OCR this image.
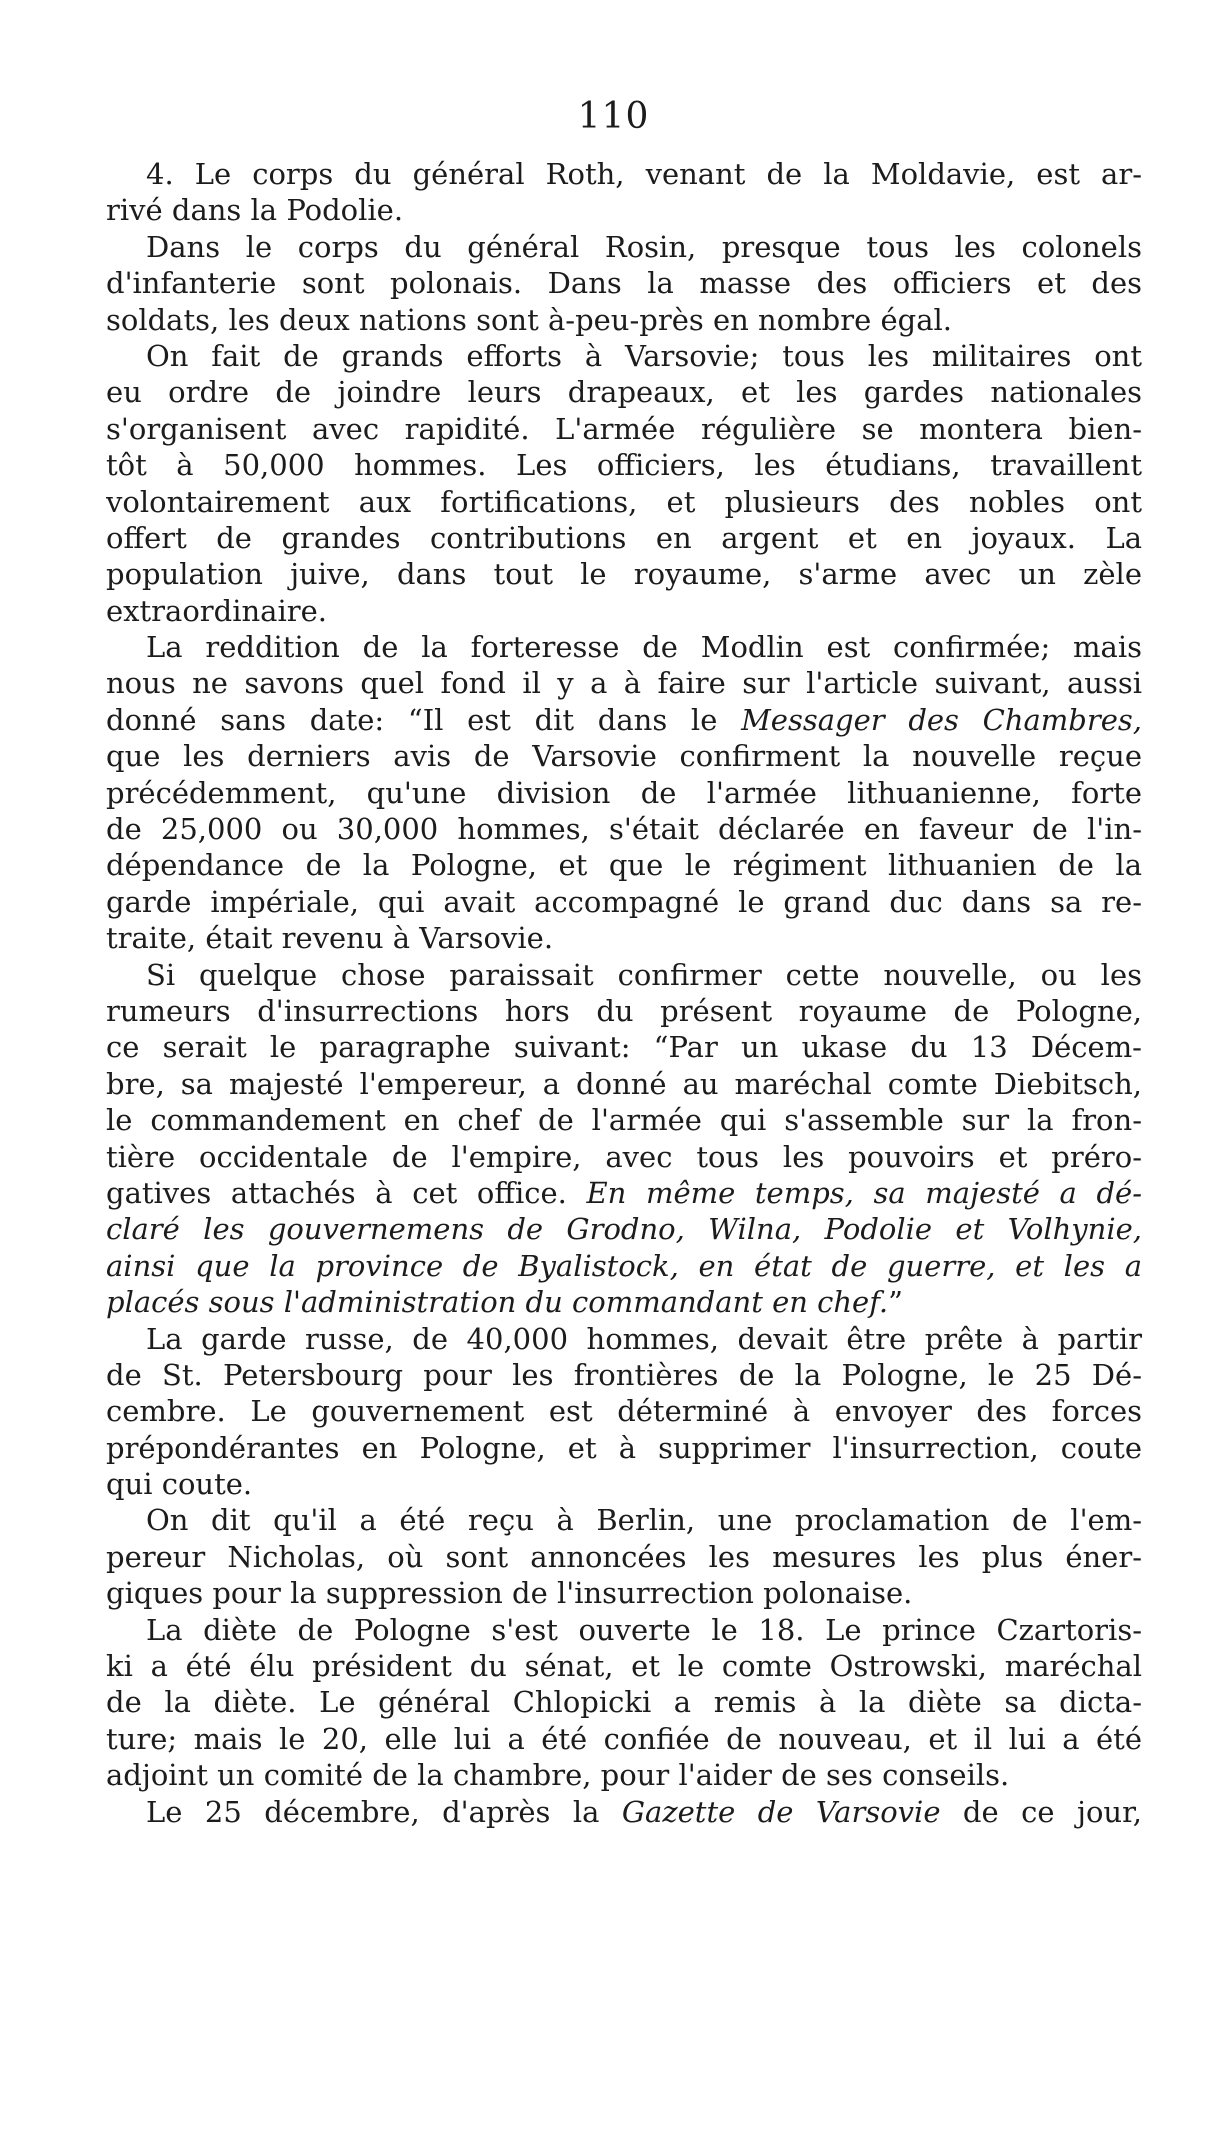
110
4. Le corps du général Roth, venant de la Moldavie, est ar-
rivé dans la Podolie.
Dans le corps du général Rosin, presque tous les colonels
d'infanterie sont polonais. Dans la masse des officiers et des
soldats, les deux nations sont à-peu-près en nombre égal.
On fait de grands efforts à Varsovie; tous les militaires ont
eu ordre de joindre leurs drapeaux, et les gardes nationales
s'organisent avec rapidité. L'armée régulière se montera bien-
tôt à 50,000 hommes. Les officiers, les étudians, travaillent
volontairement aux fortifications, et plusieurs des nobles ont
offert de grandes contributions en argent et en joyaux. La
population juive, dans tout le royaume, s'arme avec un zèle
extraordinaire.
La reddition de la forteresse de Modlin est confirmée; mais
nous ne savons quel fond il y a à faire sur l'article suivant, aussi
donné sans date: “Il est dit dans le Messager des Chambres,
que les derniers avis de Varsovie confirment la nouvelle reçue
précédemment, qu'une division de l'armée lithuanienne, forte
de 25,000 ou 30,000 hommes, s'était déclarée en faveur de l'in-
dépendance de la Pologne, et que le régiment lithuanien de la
garde impériale, qui avait accompagné le grand duc dans sa re-
traite, était revenu à Varsovie.
Si quelque chose paraissait confirmer cette nouvelle, ou les
rumeurs d'insurrections hors du présent royaume de Pologne,
ce serait le paragraphe suivant: “Par un ukase du 13 Décem-
bre, sa majesté l'empereur, a donné au maréchal comte Diebitsch,
le commandement en chef de l'armée qui s'assemble sur la fron-
tière occidentale de l'empire, avec tous les pouvoirs et préro-
gatives attachés à cet office. En même temps, sa majesté a dé-
claré les gouvernemens de Grodno, Wilna, Podolie et Volhynie,
ainsi que la province de Byalistock, en état de guerre, et les a
placés sous l'administration du commandant en chef.”
La garde russe, de 40,000 hommes, devait être prête à partir
de St. Petersbourg pour les frontières de la Pologne, le 25 Dé-
cembre. Le gouvernement est déterminé à envoyer des forces
prépondérantes en Pologne, et à supprimer l'insurrection, coute
qui coute.
On dit qu'il a été reçu à Berlin, une proclamation de l'em-
pereur Nicholas, où sont annoncées les mesures les plus éner-
giques pour la suppression de l'insurrection polonaise.
La diète de Pologne s'est ouverte le 18. Le prince Czartoris-
ki a été élu président du sénat, et le comte Ostrowski, maréchal
de la diète. Le général Chlopicki a remis à la diète sa dicta-
ture; mais le 20, elle lui a été confiée de nouveau, et il lui a été
adjoint un comité de la chambre, pour l'aider de ses conseils.
Le 25 décembre, d'après la Gazette de Varsovie de ce jour,
